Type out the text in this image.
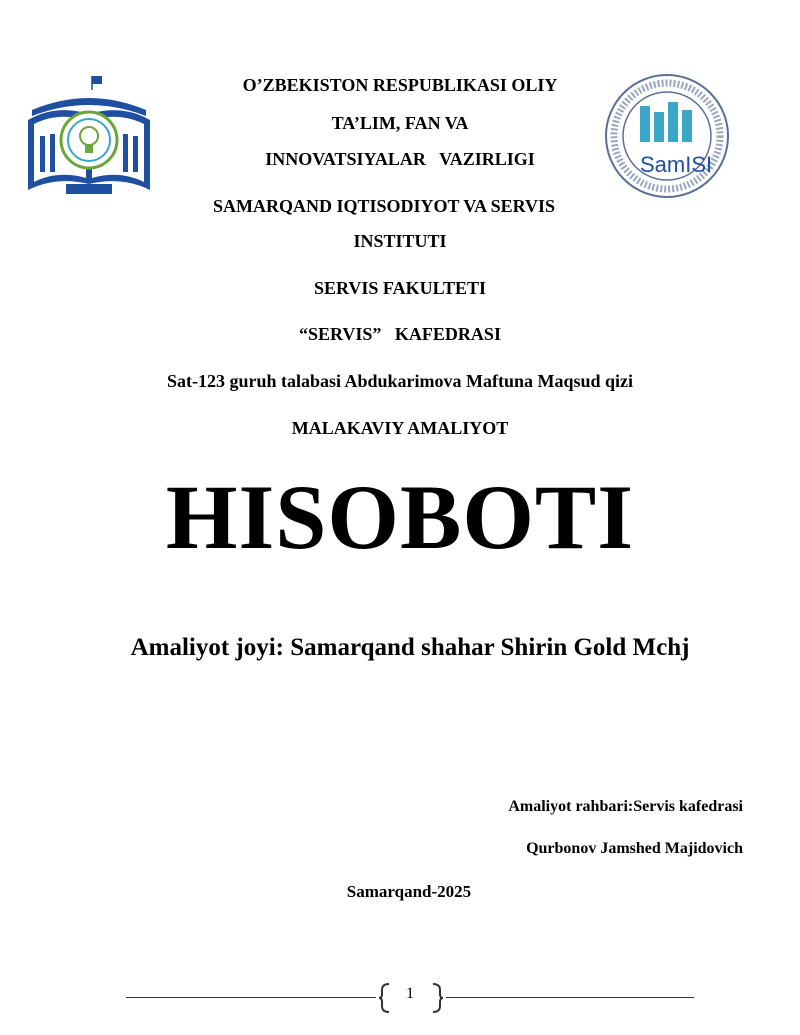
SamISI
O’ZBEKISTON RESPUBLIKASI OLIY
TA’LIM, FAN VA
INNOVATSIYALAR   VAZIRLIGI
SAMARQAND IQTISODIYOT VA SERVIS
INSTITUTI
SERVIS FAKULTETI
“SERVIS”   KAFEDRASI
Sat-123 guruh talabasi Abdukarimova Maftuna Maqsud qizi
MALAKAVIY AMALIYOT
HISOBOTI
Amaliyot joyi: Samarqand shahar Shirin Gold Mchj
Amaliyot rahbari:Servis kafedrasi
Qurbonov Jamshed Majidovich
Samarqand-2025
1
